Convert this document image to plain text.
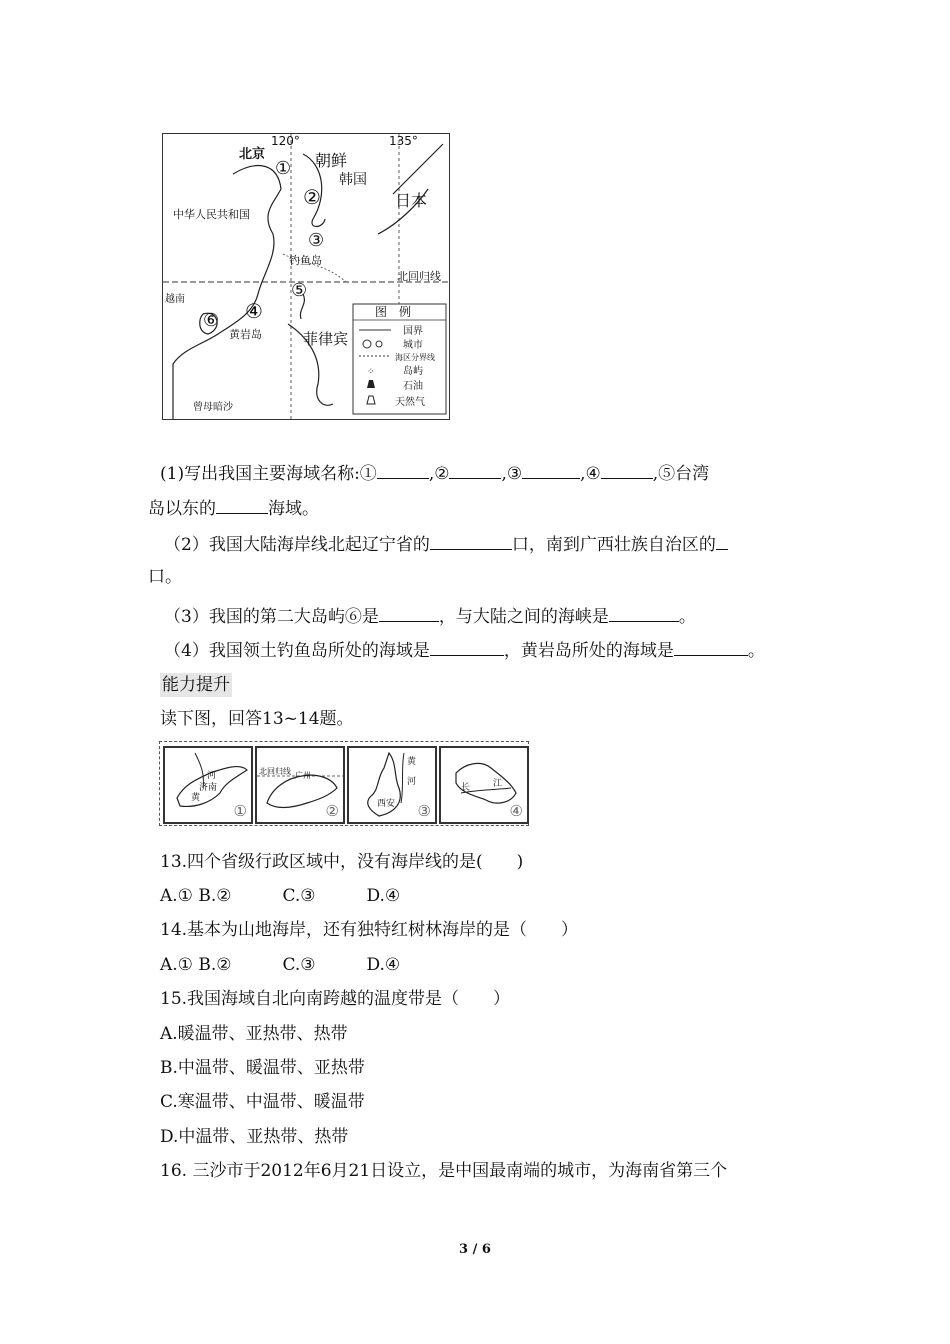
120°	135°
北京	朝鲜
韩国
日本
中华人民共和国
钓鱼岛
北回归线
黄岩岛	菲律宾
曾母暗沙
越南
①
②
③
④
⑤
⑥	图　例
国界
城市
海区分界线
⁘	岛屿
石油
天然气
(1)写出我国主要海域名称:①	,②	,③	,④	,⑤台湾
岛以东的	海域。
（2）我国大陆海岸线北起辽宁省的	口，南到广西壮族自治区的
口。
（3）我国的第二大岛屿⑥是	，与大陆之间的海峡是	。
（4）我国领土钓鱼岛所处的海域是	，黄岩岛所处的海域是	。
能力提升
读下图，回答13~14题。
河
济南
黄
①
北回归线 广州
②
黄
河
西安 ③
长	江
④
13.四个省级行政区域中，没有海岸线的是(　　)
A.① B.②　　　C.③　　　D.④
14.基本为山地海岸，还有独特红树林海岸的是（　　）
A.① B.②　　　C.③　　　D.④
15.我国海域自北向南跨越的温度带是（　　）
A.暖温带、亚热带、热带
B.中温带、暖温带、亚热带
C.寒温带、中温带、暖温带
D.中温带、亚热带、热带
16. 三沙市于2012年6月21日设立，是中国最南端的城市，为海南省第三个
3 / 6
